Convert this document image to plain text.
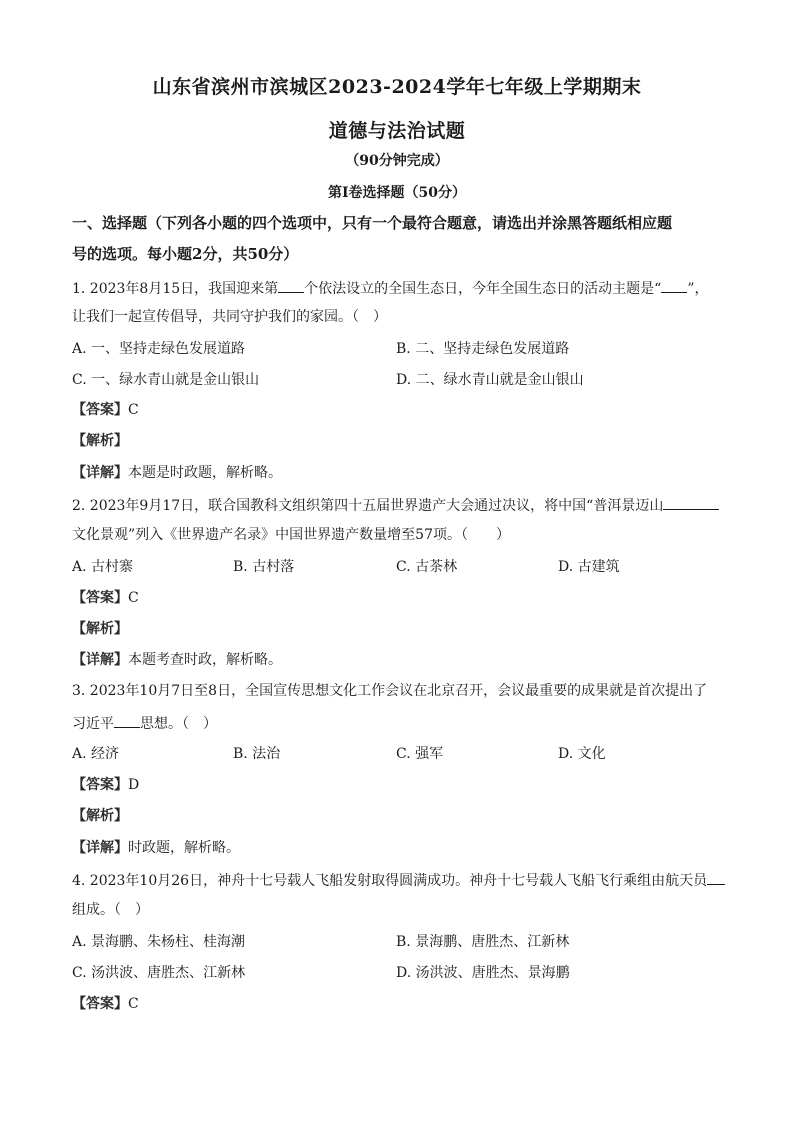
山东省滨州市滨城区2023-2024学年七年级上学期期末
道德与法治试题
（90分钟完成）
第Ⅰ卷选择题（50分）
一、选择题（下列各小题的四个选项中，只有一个最符合题意，请选出并涂黑答题纸相应题
号的选项。每小题2分，共50分）
1. 2023年8月15日，我国迎来第 个依法设立的全国生态日，今年全国生态日的活动主题是“ ”，
让我们一起宣传倡导，共同守护我们的家园。（　）
A. 一、坚持走绿色发展道路	B. 二、坚持走绿色发展道路
C. 一、绿水青山就是金山银山	D. 二、绿水青山就是金山银山
【答案】C
【解析】
【详解】本题是时政题，解析略。
2. 2023年9月17日，联合国教科文组织第四十五届世界遗产大会通过决议，将中国“普洱景迈山
文化景观”列入《世界遗产名录》中国世界遗产数量增至57项。（　　）
A. 古村寨	B. 古村落	C. 古茶林	D. 古建筑
【答案】C
【解析】
【详解】本题考查时政，解析略。
3. 2023年10月7日至8日，全国宣传思想文化工作会议在北京召开，会议最重要的成果就是首次提出了
习近平 思想。（　）
A. 经济	B. 法治	C. 强军	D. 文化
【答案】D
【解析】
【详解】时政题，解析略。
4. 2023年10月26日，神舟十七号载人飞船发射取得圆满成功。神舟十七号载人飞船飞行乘组由航天员
组成。（　）
A. 景海鹏、朱杨柱、桂海潮	B. 景海鹏、唐胜杰、江新林
C. 汤洪波、唐胜杰、江新林	D. 汤洪波、唐胜杰、景海鹏
【答案】C
